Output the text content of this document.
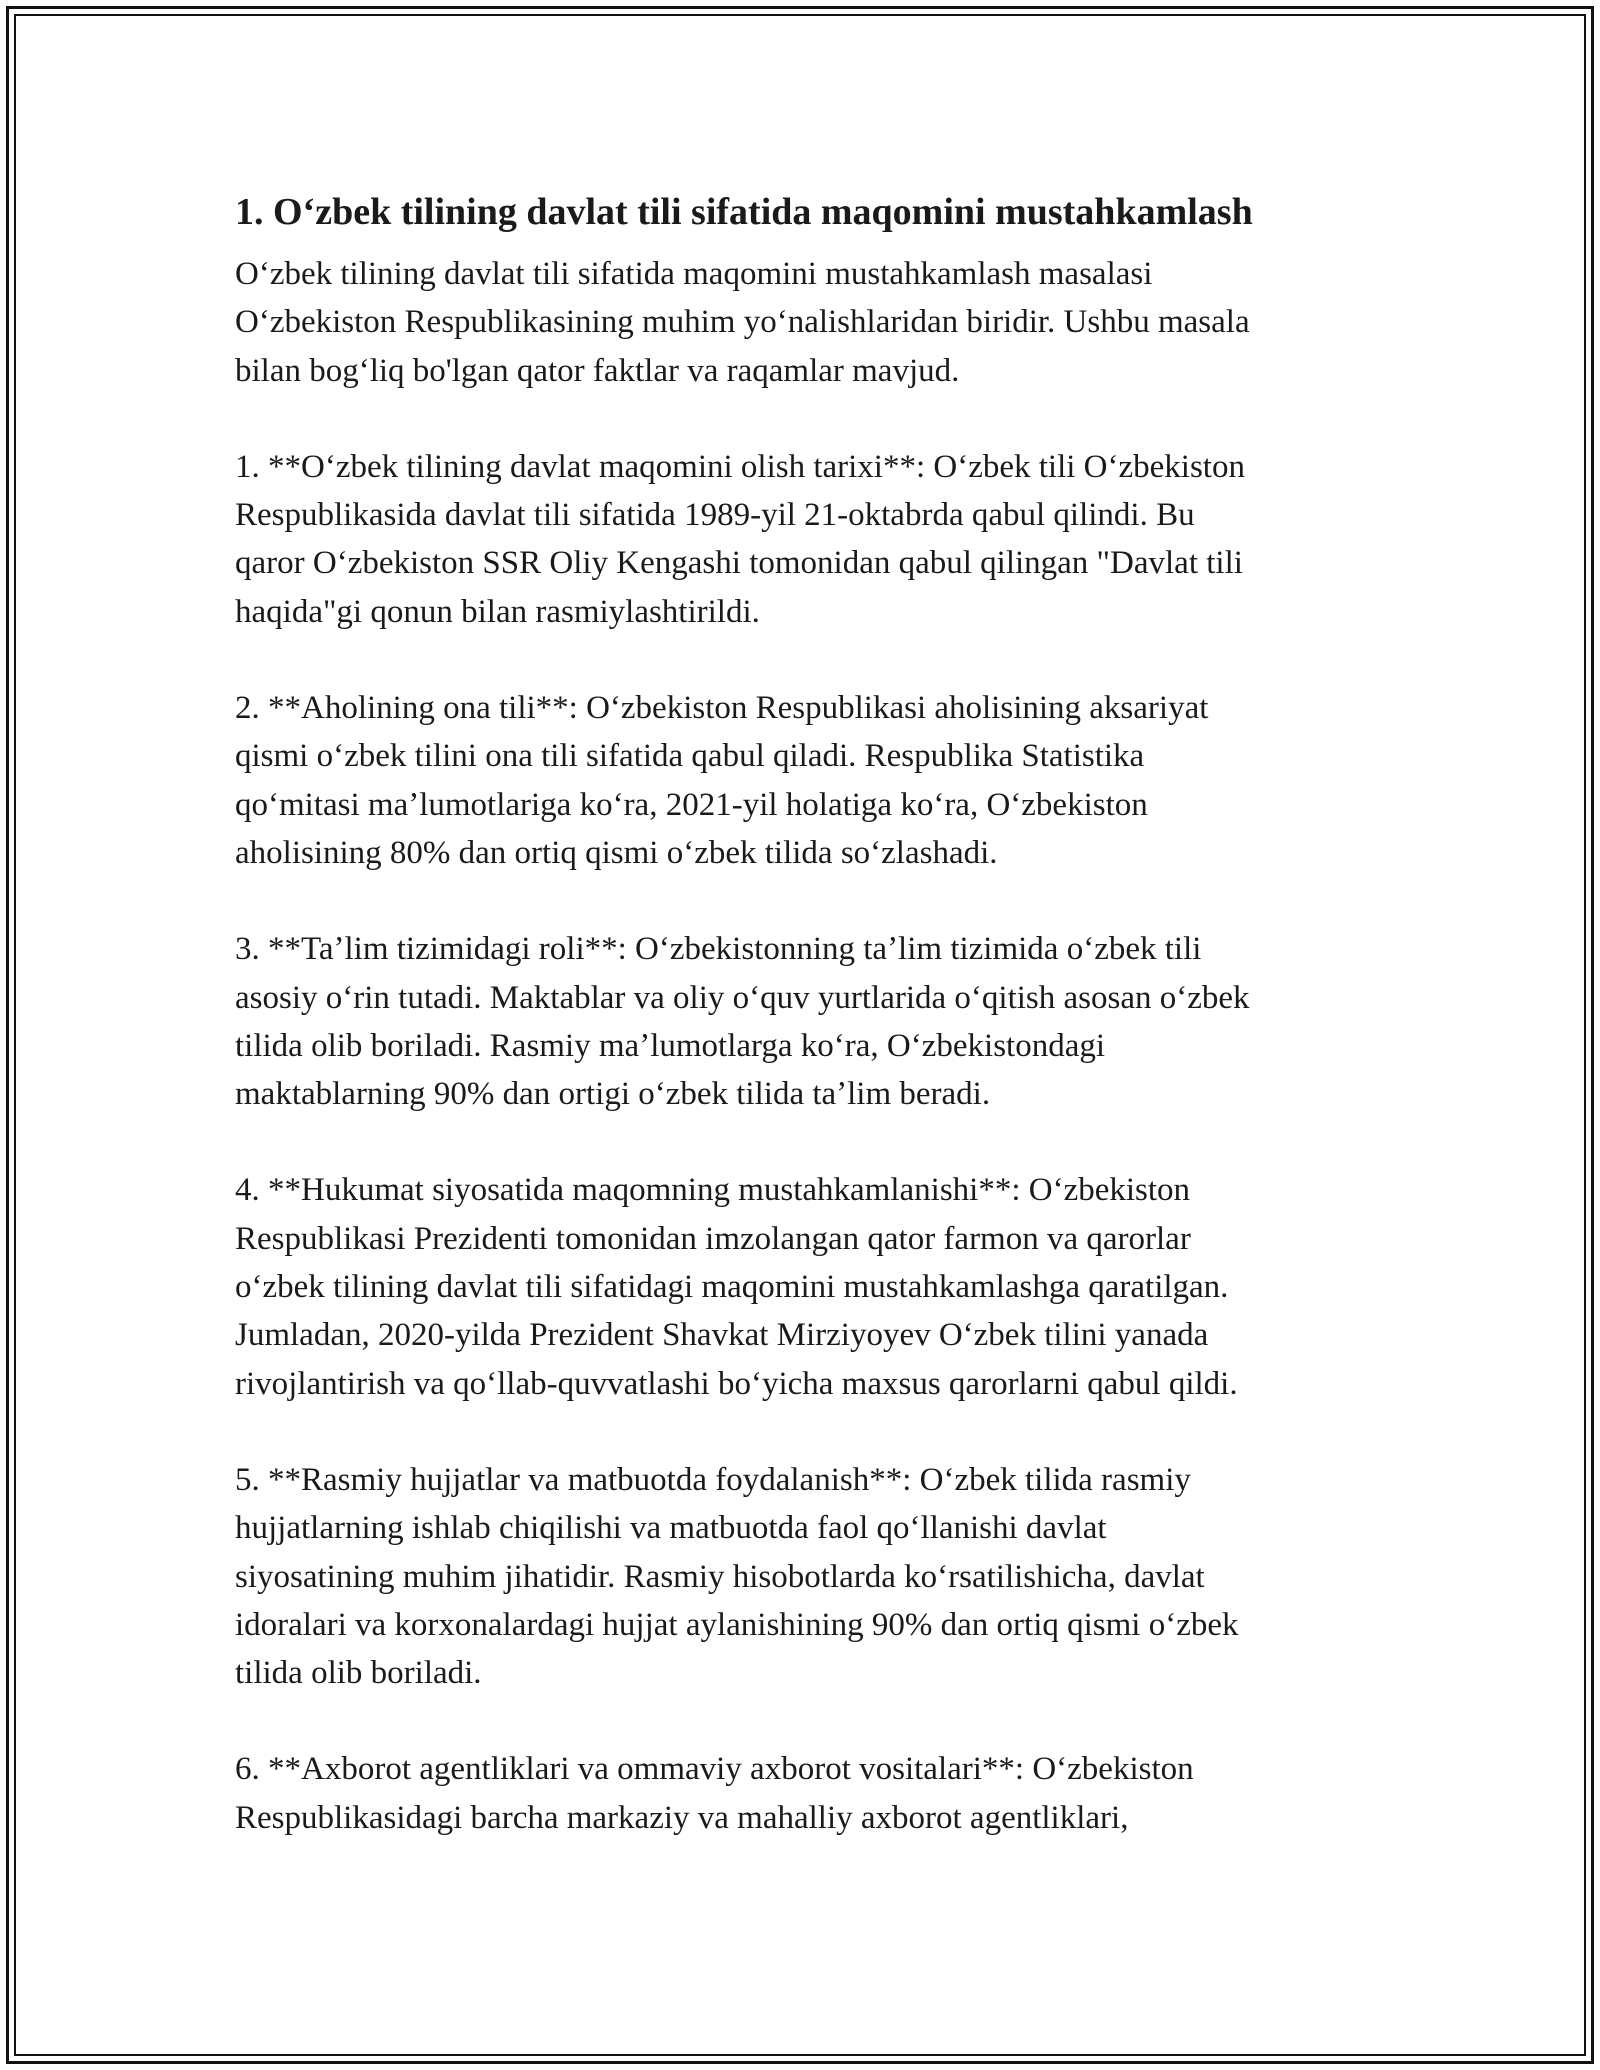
1. Oʻzbek tilining davlat tili sifatida maqomini mustahkamlash
Oʻzbek tilining davlat tili sifatida maqomini mustahkamlash masalasi
Oʻzbekiston Respublikasining muhim yoʻnalishlaridan biridir. Ushbu masala
bilan bogʻliq bo'lgan qator faktlar va raqamlar mavjud.
1. **Oʻzbek tilining davlat maqomini olish tarixi**: Oʻzbek tili Oʻzbekiston
Respublikasida davlat tili sifatida 1989-yil 21-oktabrda qabul qilindi. Bu
qaror Oʻzbekiston SSR Oliy Kengashi tomonidan qabul qilingan "Davlat tili
haqida"gi qonun bilan rasmiylashtirildi.
2. **Aholining ona tili**: Oʻzbekiston Respublikasi aholisining aksariyat
qismi oʻzbek tilini ona tili sifatida qabul qiladi. Respublika Statistika
qoʻmitasi maʼlumotlariga koʻra, 2021-yil holatiga koʻra, Oʻzbekiston
aholisining 80% dan ortiq qismi oʻzbek tilida soʻzlashadi.
3. **Taʼlim tizimidagi roli**: Oʻzbekistonning taʼlim tizimida oʻzbek tili
asosiy oʻrin tutadi. Maktablar va oliy oʻquv yurtlarida oʻqitish asosan oʻzbek
tilida olib boriladi. Rasmiy maʼlumotlarga koʻra, Oʻzbekistondagi
maktablarning 90% dan ortigi oʻzbek tilida taʼlim beradi.
4. **Hukumat siyosatida maqomning mustahkamlanishi**: Oʻzbekiston
Respublikasi Prezidenti tomonidan imzolangan qator farmon va qarorlar
oʻzbek tilining davlat tili sifatidagi maqomini mustahkamlashga qaratilgan.
Jumladan, 2020-yilda Prezident Shavkat Mirziyoyev Oʻzbek tilini yanada
rivojlantirish va qoʻllab-quvvatlashi boʻyicha maxsus qarorlarni qabul qildi.
5. **Rasmiy hujjatlar va matbuotda foydalanish**: Oʻzbek tilida rasmiy
hujjatlarning ishlab chiqilishi va matbuotda faol qoʻllanishi davlat
siyosatining muhim jihatidir. Rasmiy hisobotlarda koʻrsatilishicha, davlat
idoralari va korxonalardagi hujjat aylanishining 90% dan ortiq qismi oʻzbek
tilida olib boriladi.
6. **Axborot agentliklari va ommaviy axborot vositalari**: Oʻzbekiston
Respublikasidagi barcha markaziy va mahalliy axborot agentliklari,
